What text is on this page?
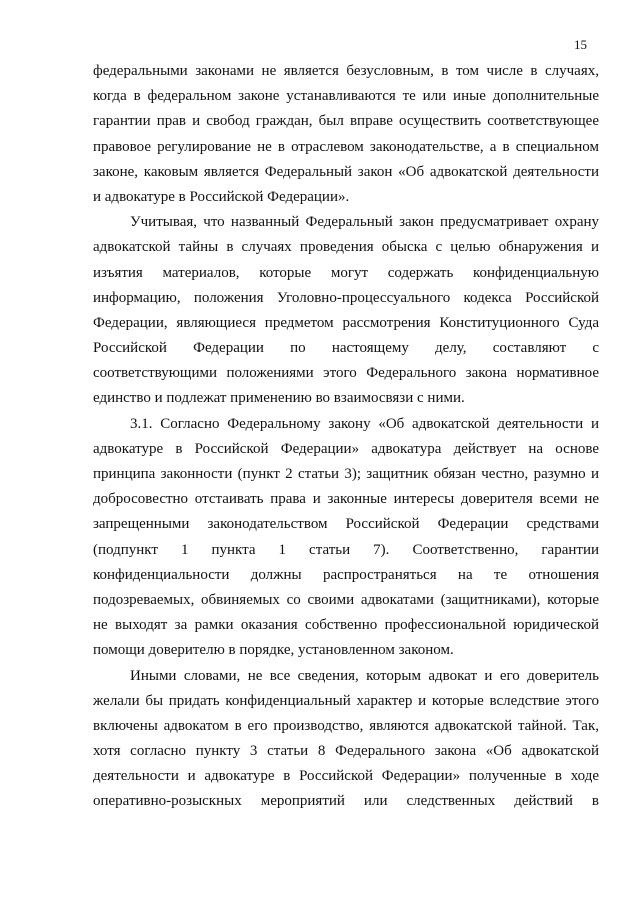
15
федеральными законами не является безусловным, в том числе в случаях,
когда в федеральном законе устанавливаются те или иные дополнительные
гарантии прав и свобод граждан, был вправе осуществить соответствующее
правовое регулирование не в отраслевом законодательстве, а в специальном
законе, каковым является Федеральный закон «Об адвокатской деятельности
и адвокатуре в Российской Федерации».
Учитывая, что названный Федеральный закон предусматривает охрану
адвокатской тайны в случаях проведения обыска с целью обнаружения и
изъятия материалов, которые могут содержать конфиденциальную
информацию, положения Уголовно-процессуального кодекса Российской
Федерации, являющиеся предметом рассмотрения Конституционного Суда
Российской Федерации по настоящему делу, составляют с
соответствующими положениями этого Федерального закона нормативное
единство и подлежат применению во взаимосвязи с ними.
3.1. Согласно Федеральному закону «Об адвокатской деятельности и
адвокатуре в Российской Федерации» адвокатура действует на основе
принципа законности (пункт 2 статьи 3); защитник обязан честно, разумно и
добросовестно отстаивать права и законные интересы доверителя всеми не
запрещенными законодательством Российской Федерации средствами
(подпункт 1 пункта 1 статьи 7). Соответственно, гарантии
конфиденциальности должны распространяться на те отношения
подозреваемых, обвиняемых со своими адвокатами (защитниками), которые
не выходят за рамки оказания собственно профессиональной юридической
помощи доверителю в порядке, установленном законом.
Иными словами, не все сведения, которым адвокат и его доверитель
желали бы придать конфиденциальный характер и которые вследствие этого
включены адвокатом в его производство, являются адвокатской тайной. Так,
хотя согласно пункту 3 статьи 8 Федерального закона «Об адвокатской
деятельности и адвокатуре в Российской Федерации» полученные в ходе
оперативно-розыскных мероприятий или следственных действий в
